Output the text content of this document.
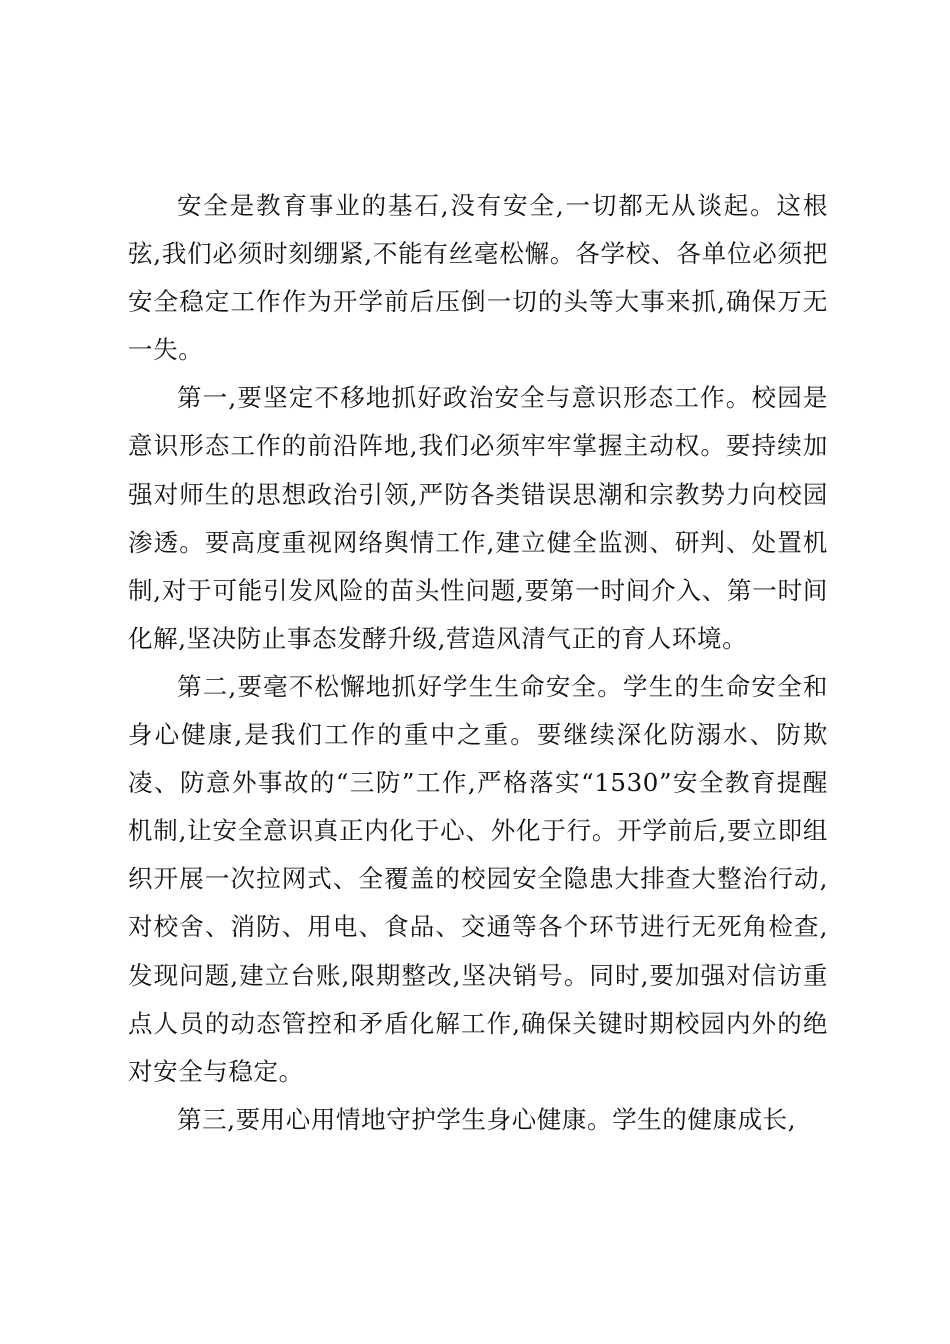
安全是教育事业的基石,没有安全,一切都无从谈起。这根弦,我们必须时刻绷紧,不能有丝毫松懈。各学校、各单位必须把安全稳定工作作为开学前后压倒一切的头等大事来抓,确保万无一失。

第一,要坚定不移地抓好政治安全与意识形态工作。校园是意识形态工作的前沿阵地,我们必须牢牢掌握主动权。要持续加强对师生的思想政治引领,严防各类错误思潮和宗教势力向校园渗透。要高度重视网络舆情工作,建立健全监测、研判、处置机制,对于可能引发风险的苗头性问题,要第一时间介入、第一时间化解,坚决防止事态发酵升级,营造风清气正的育人环境。

第二,要毫不松懈地抓好学生生命安全。学生的生命安全和身心健康,是我们工作的重中之重。要继续深化防溺水、防欺凌、防意外事故的“三防”工作,严格落实“1530”安全教育提醒机制,让安全意识真正内化于心、外化于行。开学前后,要立即组织开展一次拉网式、全覆盖的校园安全隐患大排查大整治行动,对校舍、消防、用电、食品、交通等各个环节进行无死角检查,发现问题,建立台账,限期整改,坚决销号。同时,要加强对信访重点人员的动态管控和矛盾化解工作,确保关键时期校园内外的绝对安全与稳定。

第三,要用心用情地守护学生身心健康。学生的健康成长,
